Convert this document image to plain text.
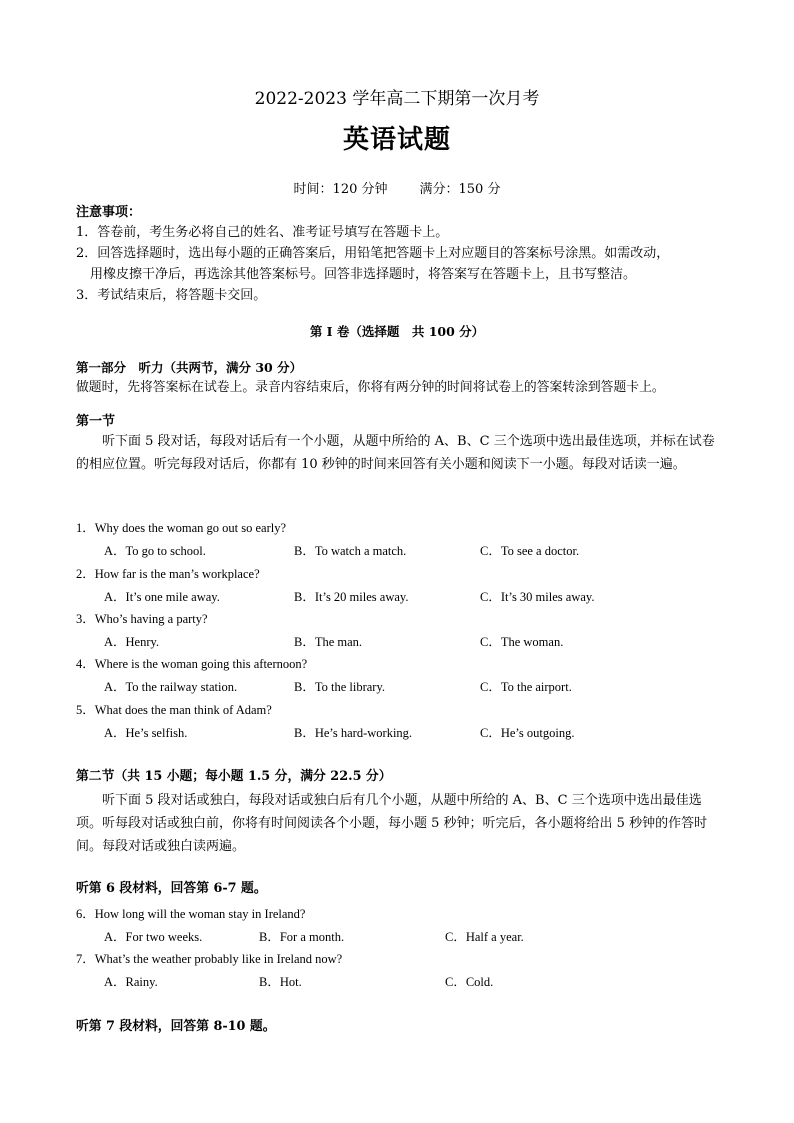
2022-2023 学年高二下期第一次月考
英语试题
时间：120 分钟 满分：150 分
注意事项：
1．答卷前，考生务必将自己的姓名、准考证号填写在答题卡上。
2．回答选择题时，选出每小题的正确答案后，用铅笔把答题卡上对应题目的答案标号涂黑。如需改动，
用橡皮擦干净后，再选涂其他答案标号。回答非选择题时，将答案写在答题卡上，且书写整洁。
3．考试结束后，将答题卡交回。
第 I 卷（选择题　共 100 分）
第一部分　听力（共两节，满分 30 分）
做题时，先将答案标在试卷上。录音内容结束后，你将有两分钟的时间将试卷上的答案转涂到答题卡上。
第一节
听下面 5 段对话，每段对话后有一个小题，从题中所给的 A、B、C 三个选项中选出最佳选项，并标在试卷的相应位置。听完每段对话后，你都有 10 秒钟的时间来回答有关小题和阅读下一小题。每段对话读一遍。
1．Why does the woman go out so early?
A．To go to school.	B．To watch a match.	C．To see a doctor.
2．How far is the man’s workplace?
A．It’s one mile away.	B．It’s 20 miles away.	C．It’s 30 miles away.
3．Who’s having a party?
A．Henry.	B．The man.	C．The woman.
4．Where is the woman going this afternoon?
A．To the railway station.	B．To the library.	C．To the airport.
5．What does the man think of Adam?
A．He’s selfish.	B．He’s hard-working.	C．He’s outgoing.
第二节（共 15 小题；每小题 1.5 分，满分 22.5 分）
听下面 5 段对话或独白，每段对话或独白后有几个小题，从题中所给的 A、B、C 三个选项中选出最佳选项。听每段对话或独白前，你将有时间阅读各个小题，每小题 5 秒钟；听完后，各小题将给出 5 秒钟的作答时间。每段对话或独白读两遍。
听第 6 段材料，回答第 6-7 题。
6．How long will the woman stay in Ireland?
A．For two weeks.	B．For a month.	C．Half a year.
7．What’s the weather probably like in Ireland now?
A．Rainy.	B．Hot.	C．Cold.
听第 7 段材料，回答第 8-10 题。
